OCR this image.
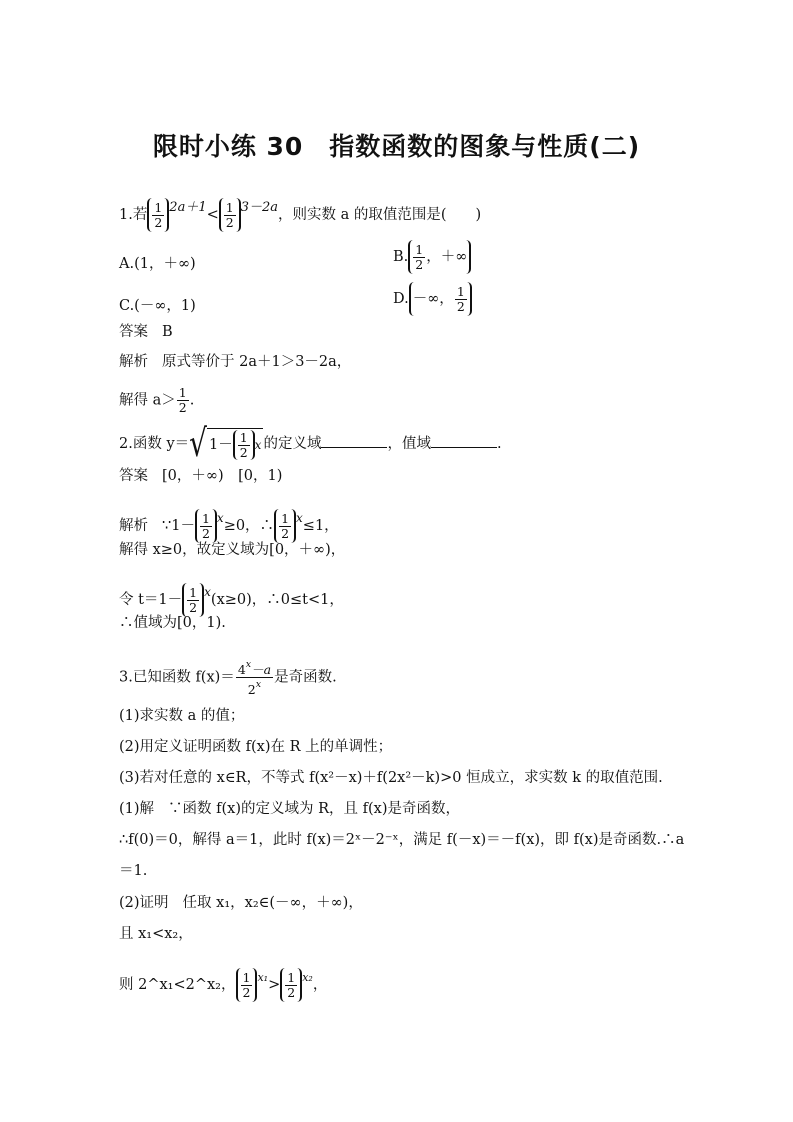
限时小练 30　指数函数的图象与性质(二)
1.若 $\frac{1}{2} 2a+1< \frac{1}{2} 3-2a$，则实数 a 的取值范围是(　　)
A.(1，＋∞)	B. $\frac{1}{2}$ ，＋∞
C.(－∞，1)	D. －∞， $\frac{1}{2}$
答案 B
解析 原式等价于 2a＋1＞3－2a，
解得 $a> \frac{1}{2}$ .
2.函数 y＝ √ $1- \frac{1}{2}$ x 的定义域	，值域	.
答案 [0，＋∞)　[0，1)
解析 ∵1－ $\frac{1}{2} ^x\ge 0$，∴ $\frac{1}{2} ^x\le 1$，
解得 x≥0，故定义域为[0，＋∞)，
令 $t=1- \frac{1}{2} ^x(x\ge 0)$，∴0≤t<1，
∴值域为[0，1).
3.已知函数 $f(x)= \frac{4^x-a}{2^x}$ 是奇函数.
(1)求实数 a 的值；
(2)用定义证明函数 f(x)在 R 上的单调性；
(3)若对任意的 x∈R，不等式 f(x²－x)＋f(2x²－k)>0 恒成立，求实数 k 的取值范围.
(1)解 ∵函数 f(x)的定义域为 R，且 f(x)是奇函数，
∴f(0)＝0，解得 a＝1，此时 f(x)＝2ˣ－2⁻ˣ，满足 f(－x)＝－f(x)，即 f(x)是奇函数.∴a
＝1.
(2)证明 任取 x₁，x₂∈(－∞，＋∞)，
且 x₁<x₂，
则 2^x₁<2^x₂， $\frac{1}{2} ^{x_1}> \frac{1}{2} ^{x_2}$，
